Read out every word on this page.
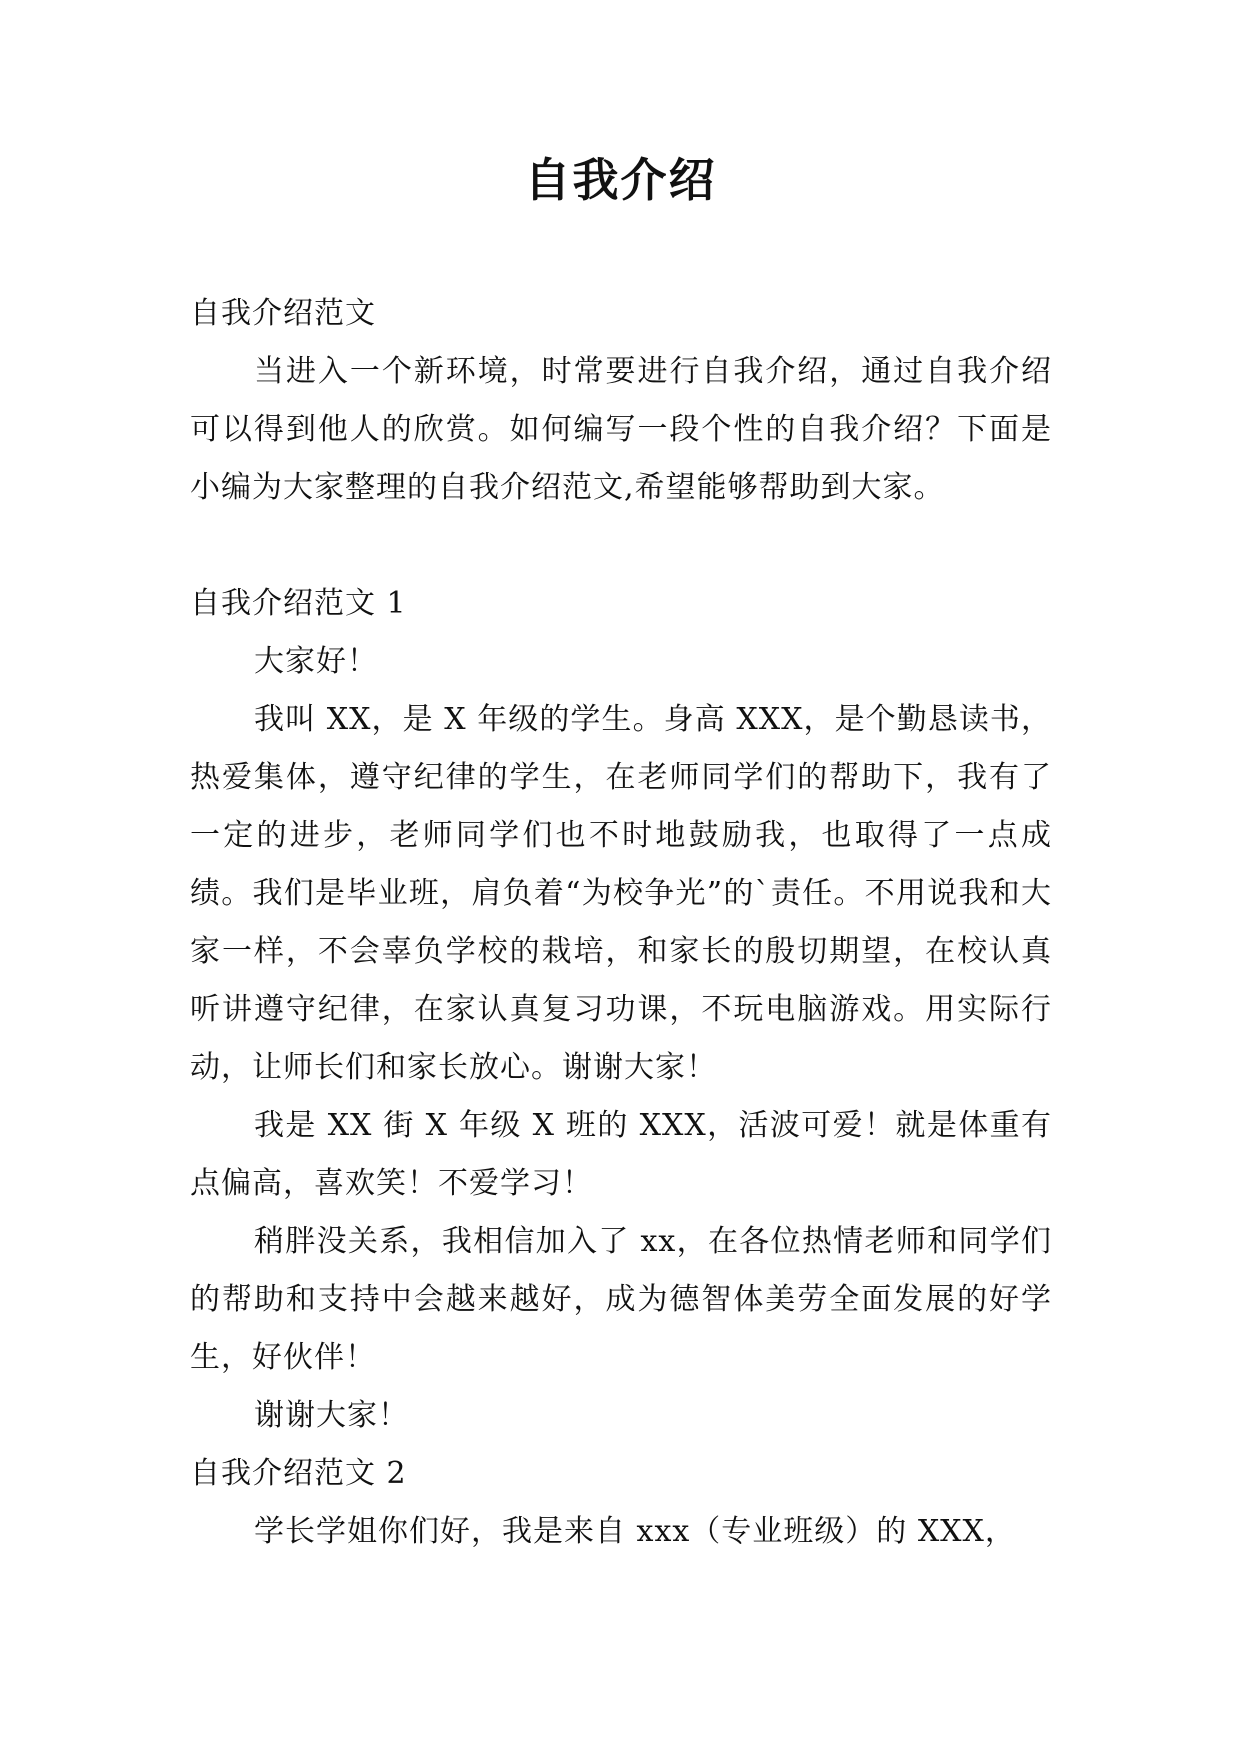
自我介绍

自我介绍范文

当进入一个新环境，时常要进行自我介绍，通过自我介绍可以得到他人的欣赏。如何编写一段个性的自我介绍？下面是小编为大家整理的自我介绍范文,希望能够帮助到大家。

自我介绍范文 1

大家好！

我叫 XX，是 X 年级的学生。身高 XXX，是个勤恳读书，热爱集体，遵守纪律的学生，在老师同学们的帮助下，我有了一定的进步，老师同学们也不时地鼓励我，也取得了一点成绩。我们是毕业班，肩负着“为校争光”的`责任。不用说我和大家一样，不会辜负学校的栽培，和家长的殷切期望，在校认真听讲遵守纪律，在家认真复习功课，不玩电脑游戏。用实际行动，让师长们和家长放心。谢谢大家！

我是 XX 街 X 年级 X 班的 XXX，活波可爱！就是体重有点偏高，喜欢笑！不爱学习！

稍胖没关系，我相信加入了 xx，在各位热情老师和同学们的帮助和支持中会越来越好，成为德智体美劳全面发展的好学生，好伙伴！

谢谢大家！

自我介绍范文 2

学长学姐你们好，我是来自 xxx（专业班级）的 XXX，
